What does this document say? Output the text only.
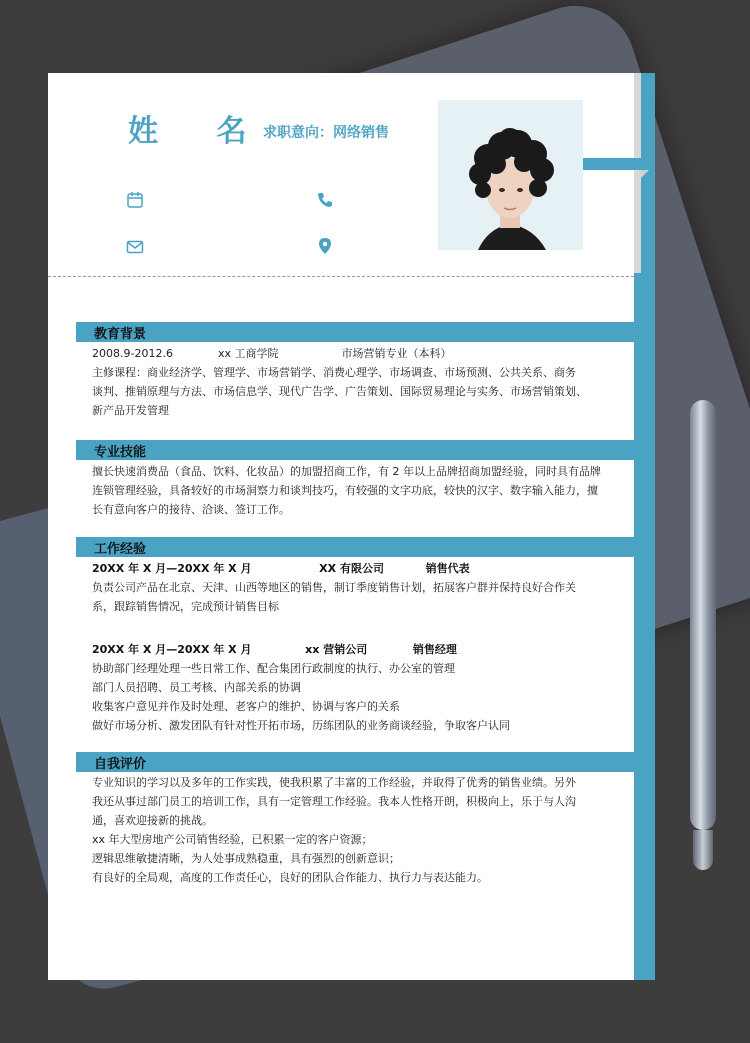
姓 名
求职意向：网络销售
教育背景
2008.9-2012.6	xx 工商学院	市场营销专业（本科）
主修课程：商业经济学、管理学、市场营销学、消费心理学、市场调查、市场预测、公共关系、商务
谈判、推销原理与方法、市场信息学、现代广告学、广告策划、国际贸易理论与实务、市场营销策划、
新产品开发管理
专业技能
擅长快速消费品（食品、饮料、化妆品）的加盟招商工作，有 2 年以上品牌招商加盟经验，同时具有品牌
连锁管理经验，具备较好的市场洞察力和谈判技巧，有较强的文字功底，较快的汉字、数字输入能力，擅
长有意向客户的接待、洽谈、签订工作。
工作经验
20XX 年 X 月—20XX 年 X 月	XX 有限公司	销售代表
负责公司产品在北京、天津、山西等地区的销售，制订季度销售计划，拓展客户群并保持良好合作关
系，跟踪销售情况，完成预计销售目标
20XX 年 X 月—20XX 年 X 月	xx 营销公司	销售经理
协助部门经理处理一些日常工作、配合集团行政制度的执行、办公室的管理
部门人员招聘、员工考核、内部关系的协调
收集客户意见并作及时处理、老客户的维护、协调与客户的关系
做好市场分析、激发团队有针对性开拓市场，历练团队的业务商谈经验，争取客户认同
自我评价
专业知识的学习以及多年的工作实践，使我积累了丰富的工作经验，并取得了优秀的销售业绩。另外
我还从事过部门员工的培训工作，具有一定管理工作经验。我本人性格开朗，积极向上，乐于与人沟
通，喜欢迎接新的挑战。
xx 年大型房地产公司销售经验，已积累一定的客户资源；
逻辑思维敏捷清晰，为人处事成熟稳重，具有强烈的创新意识；
有良好的全局观，高度的工作责任心，良好的团队合作能力、执行力与表达能力。
